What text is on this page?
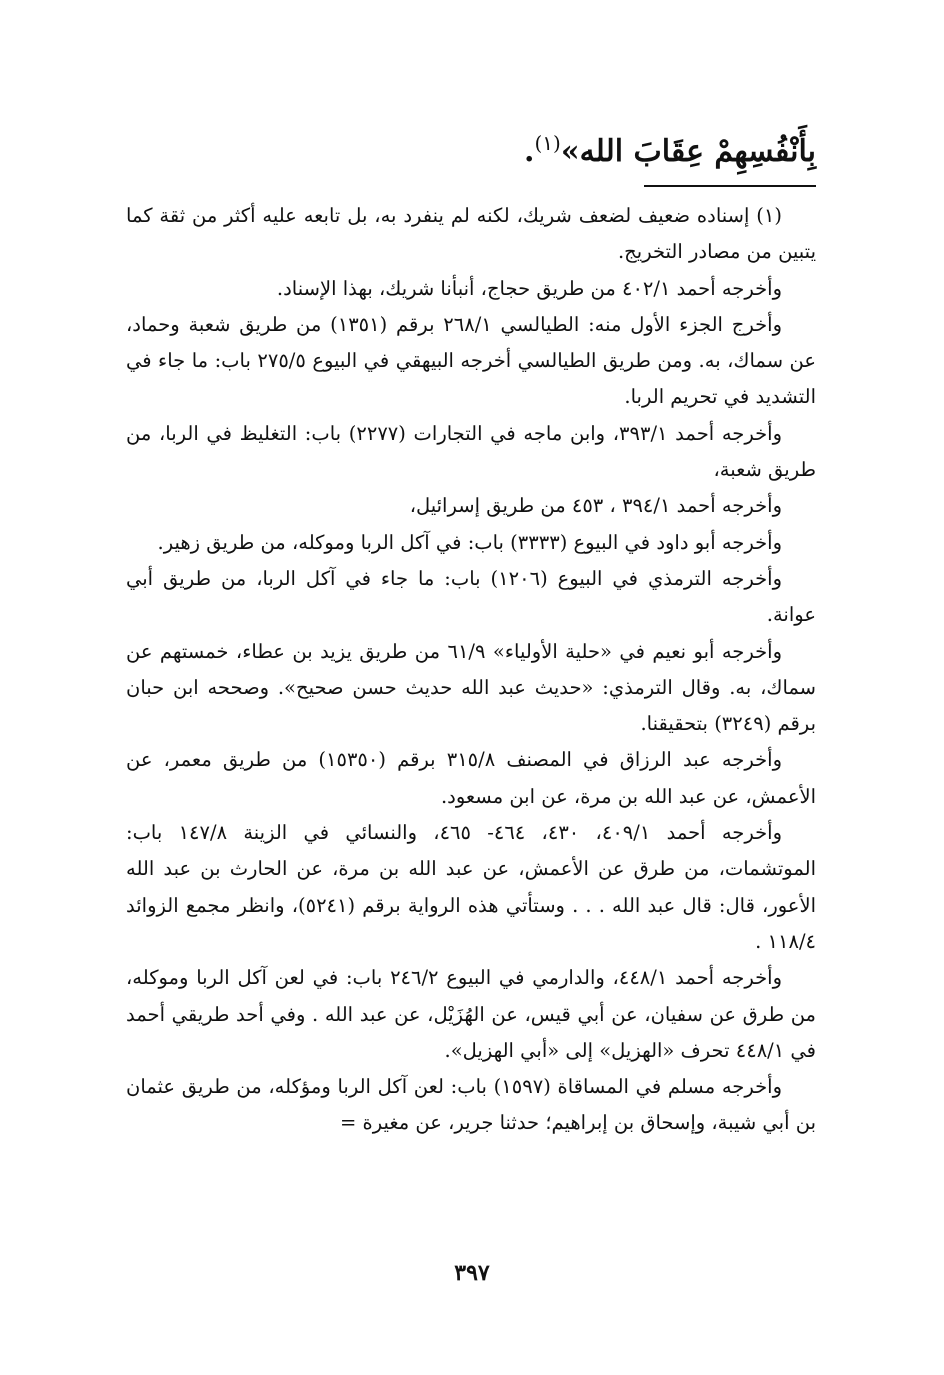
بِأَنْفُسِهِمْ عِقَابَ الله»$^{(١)}$.

(١) إسناده ضعيف لضعف شريك، لكنه لم ينفرد به، بل تابعه عليه أكثر من ثقة كما يتبين من مصادر التخريج.

وأخرجه أحمد ٤٠٢/١ من طريق حجاج، أنبأنا شريك، بهذا الإسناد.

وأخرج الجزء الأول منه: الطيالسي ٢٦٨/١ برقم (١٣٥١) من طريق شعبة وحماد، عن سماك، به. ومن طريق الطيالسي أخرجه البيهقي في البيوع ٢٧٥/٥ باب: ما جاء في التشديد في تحريم الربا.

وأخرجه أحمد ٣٩٣/١، وابن ماجه في التجارات (٢٢٧٧) باب: التغليظ في الربا، من طريق شعبة،

وأخرجه أحمد ٣٩٤/١ ، ٤٥٣ من طريق إسرائيل،

وأخرجه أبو داود في البيوع (٣٣٣٣) باب: في آكل الربا وموكله، من طريق زهير.

وأخرجه الترمذي في البيوع (١٢٠٦) باب: ما جاء في آكل الربا، من طريق أبي عوانة.

وأخرجه أبو نعيم في «حلية الأولياء» ٦١/٩ من طريق يزيد بن عطاء، خمستهم عن سماك، به. وقال الترمذي: «حديث عبد الله حديث حسن صحيح». وصححه ابن حبان برقم (٣٢٤٩) بتحقيقنا.

وأخرجه عبد الرزاق في المصنف ٣١٥/٨ برقم (١٥٣٥٠) من طريق معمر، عن الأعمش، عن عبد الله بن مرة، عن ابن مسعود.

وأخرجه أحمد ٤٠٩/١، ٤٣٠، ٤٦٤- ٤٦٥، والنسائي في الزينة ١٤٧/٨ باب: الموتشمات، من طرق عن الأعمش، عن عبد الله بن مرة، عن الحارث بن عبد الله الأعور، قال: قال عبد الله . . . وستأتي هذه الرواية برقم (٥٢٤١)، وانظر مجمع الزوائد ١١٨/٤ .

وأخرجه أحمد ٤٤٨/١، والدارمي في البيوع ٢٤٦/٢ باب: في لعن آكل الربا وموكله، من طرق عن سفيان، عن أبي قيس، عن الهُزَيْل، عن عبد الله . وفي أحد طريقي أحمد في ٤٤٨/١ تحرف «الهزيل» إلى «أبي الهزيل».

وأخرجه مسلم في المساقاة (١٥٩٧) باب: لعن آكل الربا ومؤكله، من طريق عثمان بن أبي شيبة، وإسحاق بن إبراهيم؛ حدثنا جرير، عن مغيرة =

٣٩٧
